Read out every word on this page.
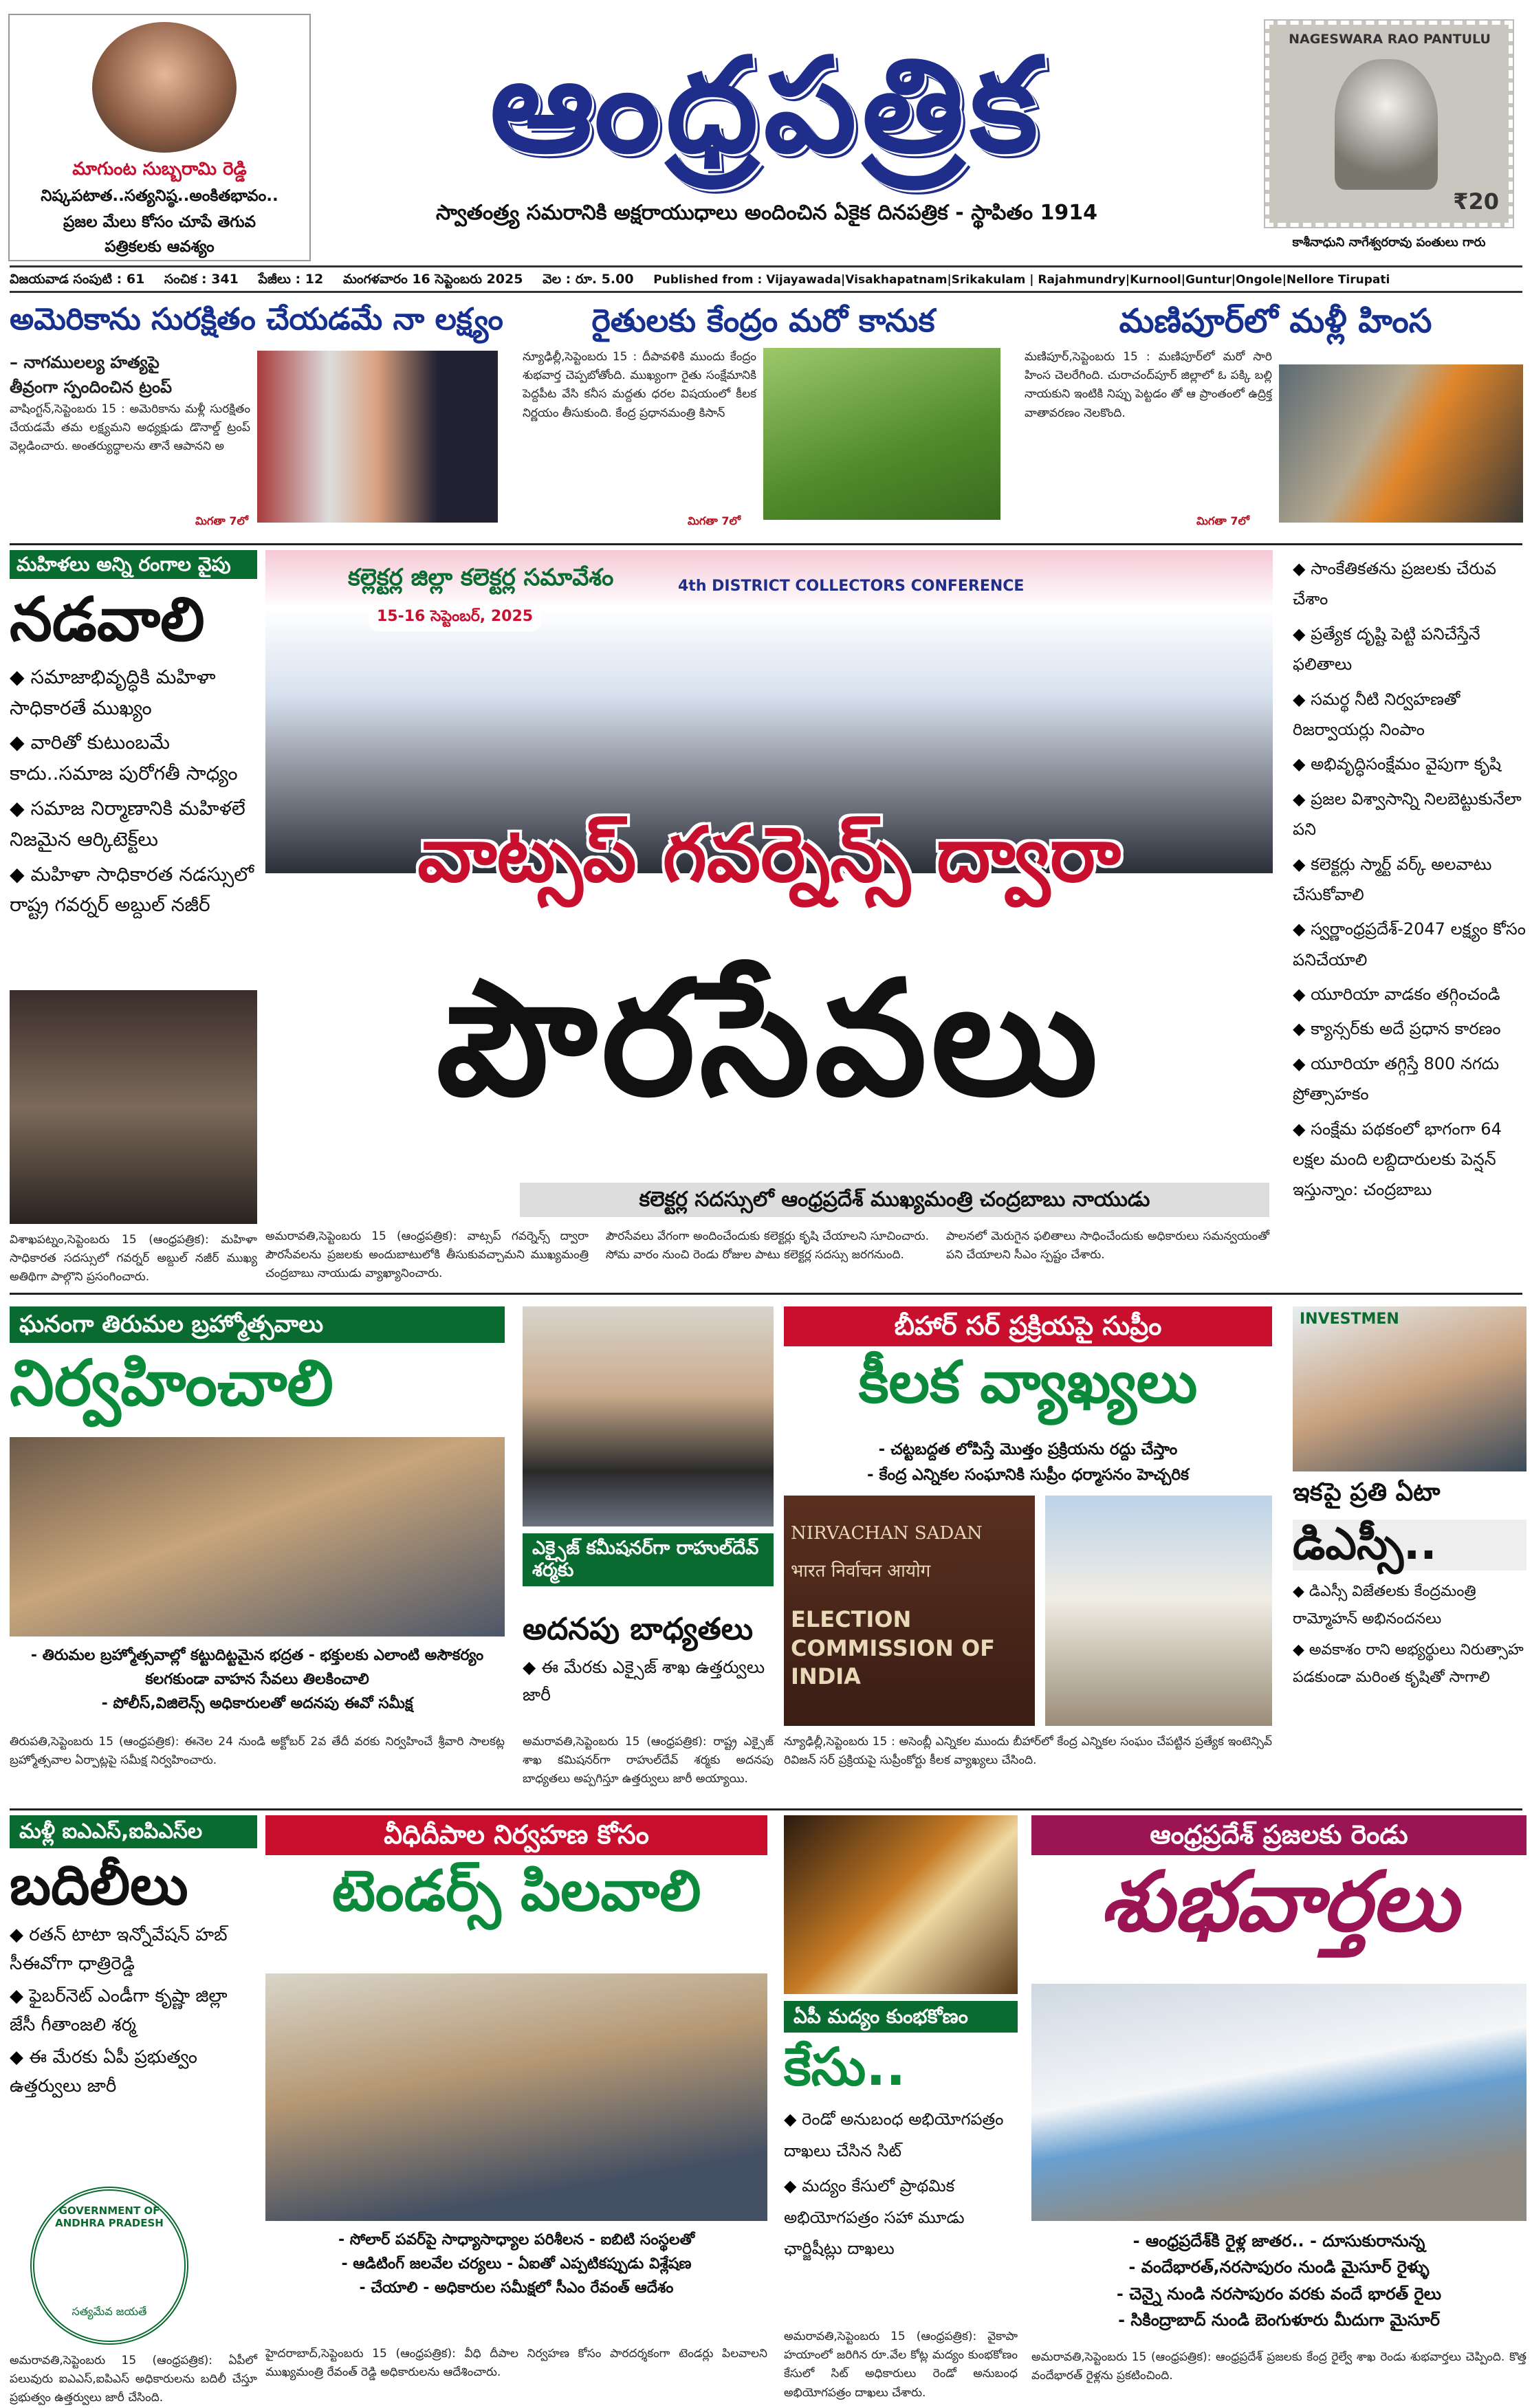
మాగుంట సుబ్బరామి రెడ్డి
నిష్కపటాత..సత్యనిష్ఠ..అంకితభావం..
ప్రజల మేలు కోసం చూపే తెగువ
పత్రికలకు ఆవశ్యం
ఆంధ్రపత్రిక
స్వాతంత్ర్య సమరానికి అక్షరాయుధాలు అందించిన ఏకైక దినపత్రిక - స్థాపితం 1914
NAGESWARA RAO PANTULU
₹20
కాశీనాధుని నాగేశ్వరరావు పంతులు గారు
విజయవాడ సంపుటి : 61 సంచిక : 341 పేజీలు : 12 మంగళవారం 16 సెప్టెంబరు 2025 వెల : రూ. 5.00 Published from : Vijayawada|Visakhapatnam|Srikakulam | Rajahmundry|Kurnool|Guntur|Ongole|Nellore Tirupati
అమెరికాను సురక్షితం చేయడమే నా లక్ష్యం
– నాగములల్య హత్యపై
తీవ్రంగా స్పందించిన ట్రంప్
వాషింగ్టన్,సెప్టెంబరు 15 : అమెరికాను మళ్లీ సురక్షితం చేయడమే తమ లక్ష్యమని అధ్యక్షుడు డొనాల్డ్ ట్రంప్ వెల్లడించారు. అంతర్యుద్ధాలను తానే ఆపానని అ
మిగతా 7లో
రైతులకు కేంద్రం మరో కానుక
న్యూఢిల్లీ,సెప్టెంబరు 15 : దీపావళికి ముందు కేంద్రం శుభవార్త చెప్పబోతోంది. ముఖ్యంగా రైతు సంక్షేమానికి పెద్దపీట వేసి కనీస మద్దతు ధరల విషయంలో కీలక నిర్ణయం తీసుకుంది. కేంద్ర ప్రధానమంత్రి కిసాన్
మిగతా 7లో
మణిపూర్‌లో మళ్లీ హింస
మణిపూర్,సెప్టెంబరు 15 : మణిపూర్‌లో మరో సారి హింస చెలరేగింది. చురాచంద్‌పూర్ జిల్లాలో ఓ పక్కి బల్లి నాయకుని ఇంటికి నిప్పు పెట్టడం తో ఆ ప్రాంతంలో ఉద్రిక్త వాతావరణం నెలకొంది.
మిగతా 7లో
మహిళలు అన్ని రంగాల వైపు
నడవాలి
◆ సమాజాభివృద్ధికి మహిళా సాధికారతే ముఖ్యం
◆ వారితో కుటుంబమే కాదు..సమాజ పురోగతీ సాధ్యం
◆ సమాజ నిర్మాణానికి మహిళలే నిజమైన ఆర్కిటెక్ట్‌లు
◆ మహిళా సాధికారత నడస్సులో రాష్ట్ర గవర్నర్ అబ్దుల్ నజీర్
విశాఖపట్నం,సెప్టెంబరు 15 (ఆంధ్రపత్రిక): మహిళా సాధికారత సదస్సులో గవర్నర్ అబ్దుల్ నజీర్ ముఖ్య అతిథిగా పాల్గొని ప్రసంగించారు.
కల్లెక్టర్ల జిల్లా కలెక్టర్ల సమావేశం
15-16 సెప్టెంబర్, 2025
4th DISTRICT COLLECTORS CONFERENCE
వాట్సప్ గవర్నెన్స్ ద్వారా
పౌరసేవలు
కలెక్టర్ల సదస్సులో ఆంధ్రప్రదేశ్ ముఖ్యమంత్రి చంద్రబాబు నాయుడు
అమరావతి,సెప్టెంబరు 15 (ఆంధ్రపత్రిక): వాట్సప్ గవర్నెన్స్ ద్వారా పౌరసేవలను ప్రజలకు అందుబాటులోకి తీసుకువచ్చామని ముఖ్యమంత్రి చంద్రబాబు నాయుడు వ్యాఖ్యానించారు.
పౌరసేవలు వేగంగా అందించేందుకు కలెక్టర్లు కృషి చేయాలని సూచించారు. సోమ వారం నుంచి రెండు రోజుల పాటు కలెక్టర్ల సదస్సు జరగనుంది.
పాలనలో మెరుగైన ఫలితాలు సాధించేందుకు అధికారులు సమన్వయంతో పని చేయాలని సీఎం స్పష్టం చేశారు.
◆ సాంకేతికతను ప్రజలకు చేరువ చేశాం
◆ ప్రత్యేక దృష్టి పెట్టి పనిచేస్తేనే ఫలితాలు
◆ సమర్థ నీటి నిర్వహణతో రిజర్వాయర్లు నింపాం
◆ అభివృద్ధిసంక్షేమం వైపుగా కృషి
◆ ప్రజల విశ్వాసాన్ని నిలబెట్టుకునేలా పని
◆ కలెక్టర్లు స్మార్ట్ వర్క్ అలవాటు చేసుకోవాలి
◆ స్వర్ణాంధ్రప్రదేశ్-2047 లక్ష్యం కోసం పనిచేయాలి
◆ యూరియా వాడకం తగ్గించండి
◆ క్యాన్సర్‌కు అదే ప్రధాన కారణం
◆ యూరియా తగ్గిస్తే 800 నగదు ప్రోత్సాహకం
◆ సంక్షేమ పథకంలో భాగంగా 64 లక్షల మంది లబ్దిదారులకు పెన్షన్ ఇస్తున్నాం: చంద్రబాబు
ఘనంగా తిరుమల బ్రహ్మోత్సవాలు
నిర్వహించాలి
- తిరుమల బ్రహ్మోత్సవాల్లో కట్టుదిట్టమైన భద్రత - భక్తులకు ఎలాంటి అసౌకర్యం కలగకుండా వాహన సేవలు తిలకించాలి
- పోలీస్,విజిలెన్స్ అధికారులతో అదనపు ఈవో సమీక్ష
తిరుపతి,సెప్టెంబరు 15 (ఆంధ్రపత్రిక): ఈనెల 24 నుండి అక్టోబర్ 2వ తేదీ వరకు నిర్వహించే శ్రీవారి సాలకట్ల బ్రహ్మోత్సవాల ఏర్పాట్లపై సమీక్ష నిర్వహించారు.
ఎక్సైజ్ కమీషనర్‌గా రాహుల్‌దేవ్ శర్మకు
అదనపు బాధ్యతలు
◆ ఈ మేరకు ఎక్సైజ్ శాఖ ఉత్తర్వులు జారీ
అమరావతి,సెప్టెంబరు 15 (ఆంధ్రపత్రిక): రాష్ట్ర ఎక్సైజ్ శాఖ కమిషనర్‌గా రాహుల్‌దేవ్ శర్మకు అదనపు బాధ్యతలు అప్పగిస్తూ ఉత్తర్వులు జారీ అయ్యాయి.
బీహార్ సర్ ప్రక్రియపై సుప్రీం
కీలక వ్యాఖ్యలు
- చట్టబద్దత లోపిస్తే మొత్తం ప్రక్రియను రద్దు చేస్తాం
- కేంద్ర ఎన్నికల సంఘానికి సుప్రీం ధర్మాసనం హెచ్చరిక
NIRVACHAN SADAN
भारत निर्वाचन आयोग
ELECTION COMMISSION OF INDIA
న్యూఢిల్లీ,సెప్టెంబరు 15 : అసెంబ్లీ ఎన్నికల ముందు బీహార్‌లో కేంద్ర ఎన్నికల సంఘం చేపట్టిన ప్రత్యేక ఇంటెన్సివ్ రివిజన్ సర్ ప్రక్రియపై సుప్రీంకోర్టు కీలక వ్యాఖ్యలు చేసింది.
INVESTMEN
ఇకపై ప్రతి ఏటా
డిఎస్సీ..
◆ డిఎస్సీ విజేతలకు కేంద్రమంత్రి రామ్మోహన్ అభినందనలు
◆ అవకాశం రాని అభ్యర్థులు నిరుత్సాహ పడకుండా మరింత కృషితో సాగాలి
మళ్లీ ఐఎఎస్,ఐపిఎస్‌ల
బదిలీలు
◆ రతన్ టాటా ఇన్నోవేషన్ హబ్ సీఈవోగా ధాత్రిరెడ్డి
◆ ఫైబర్‌నెట్ ఎండీగా కృష్ణా జిల్లా జేసీ గీతాంజలి శర్మ
◆ ఈ మేరకు ఏపీ ప్రభుత్వం ఉత్తర్వులు జారీ
GOVERNMENT OF ANDHRA PRADESH
సత్యమేవ జయతే
అమరావతి,సెప్టెంబరు 15 (ఆంధ్రపత్రిక): ఏపీలో పలువురు ఐఎఎస్,ఐపిఎస్ అధికారులను బదిలీ చేస్తూ ప్రభుత్వం ఉత్తర్వులు జారీ చేసింది.
వీధిదీపాల నిర్వహణ కోసం
టెండర్స్ పిలవాలి
- సోలార్ పవర్‌పై సాధ్యాసాధ్యాల పరిశీలన - ఐబిటి సంస్థలతో
- ఆడిటింగ్ జలవేల చర్యలు - ఏఐతో ఎప్పటికప్పుడు విశ్లేషణ
- చేయాలి - అధికారుల సమీక్షలో సీఎం రేవంత్ ఆదేశం
హైదరాబాద్,సెప్టెంబరు 15 (ఆంధ్రపత్రిక): వీధి దీపాల నిర్వహణ కోసం పారదర్శకంగా టెండర్లు పిలవాలని ముఖ్యమంత్రి రేవంత్ రెడ్డి అధికారులను ఆదేశించారు.
ఏపీ మద్యం కుంభకోణం
కేసు..
◆ రెండో అనుబంధ అభియోగపత్రం దాఖలు చేసిన సిట్
◆ మద్యం కేసులో ప్రాథమిక అభియోగపత్రం సహా మూడు ఛార్జిషీట్లు దాఖలు
అమరావతి,సెప్టెంబరు 15 (ఆంధ్రపత్రిక): వైకాపా హయాంలో జరిగిన రూ.వేల కోట్ల మద్యం కుంభకోణం కేసులో సిట్ అధికారులు రెండో అనుబంధ అభియోగపత్రం దాఖలు చేశారు.
ఆంధ్రప్రదేశ్ ప్రజలకు రెండు
శుభవార్తలు
- ఆంధ్రప్రదేశ్‌కి రైళ్ల జాతర.. - దూసుకురానున్న
- వందేభారత్,నరసాపురం నుండి మైసూర్ రైళ్ళు
- చెన్నై నుండి నరసాపురం వరకు వందే భారత్ రైలు
- సికింద్రాబాద్ నుండి బెంగుళూరు మీదుగా మైసూర్
అమరావతి,సెప్టెంబరు 15 (ఆంధ్రపత్రిక): ఆంధ్రప్రదేశ్ ప్రజలకు కేంద్ర రైల్వే శాఖ రెండు శుభవార్తలు చెప్పింది. కొత్త వందేభారత్ రైళ్లను ప్రకటించింది.
